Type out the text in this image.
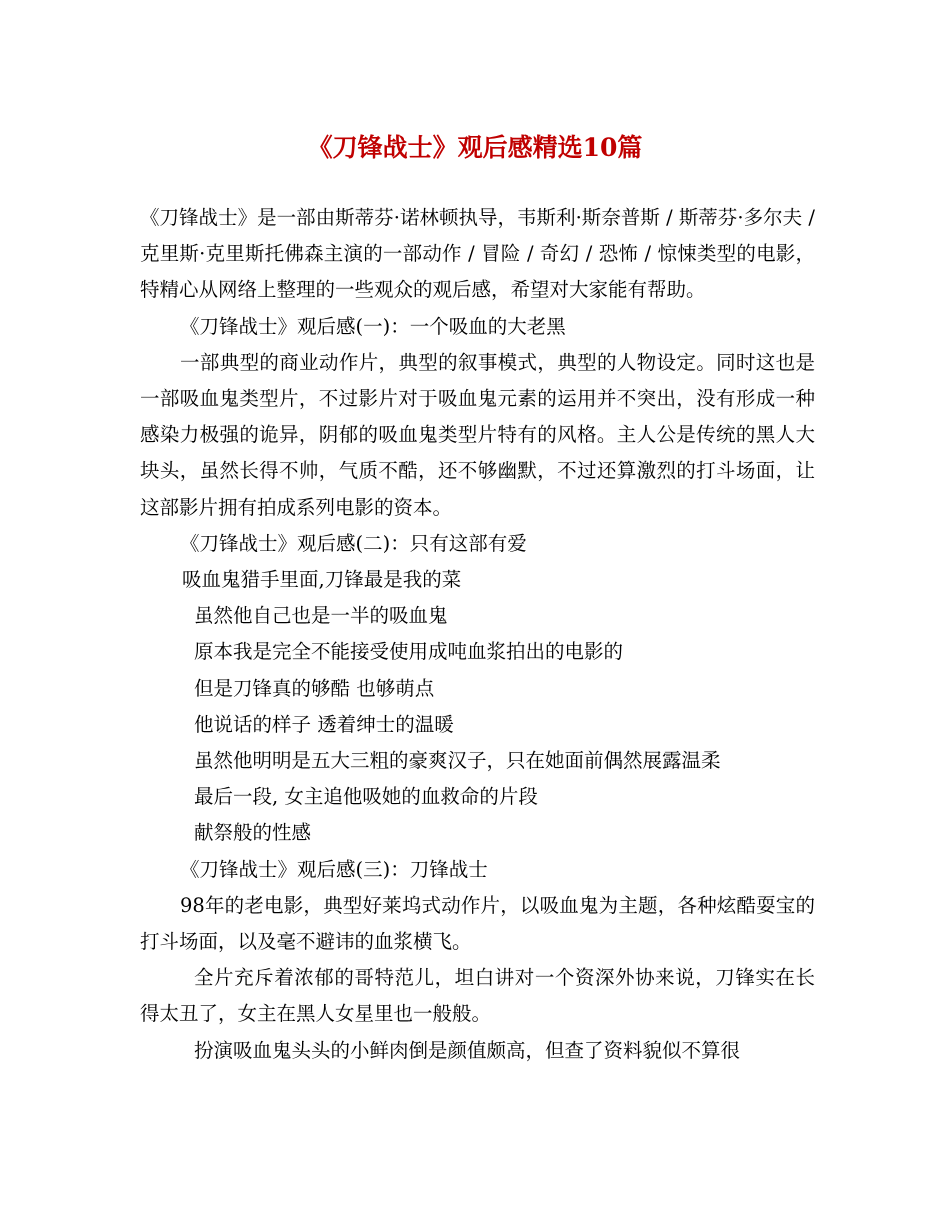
《刀锋战士》观后感精选10篇

《刀锋战士》是一部由斯蒂芬·诺林顿执导，韦斯利·斯奈普斯 / 斯蒂芬·多尔夫 / 克里斯·克里斯托佛森主演的一部动作 / 冒险 / 奇幻 / 恐怖 / 惊悚类型的电影，特精心从网络上整理的一些观众的观后感，希望对大家能有帮助。

《刀锋战士》观后感(一)：一个吸血的大老黑

一部典型的商业动作片，典型的叙事模式，典型的人物设定。同时这也是一部吸血鬼类型片，不过影片对于吸血鬼元素的运用并不突出，没有形成一种感染力极强的诡异，阴郁的吸血鬼类型片特有的风格。主人公是传统的黑人大块头，虽然长得不帅，气质不酷，还不够幽默，不过还算激烈的打斗场面，让这部影片拥有拍成系列电影的资本。

《刀锋战士》观后感(二)：只有这部有爱

吸血鬼猎手里面,刀锋最是我的菜

虽然他自己也是一半的吸血鬼

原本我是完全不能接受使用成吨血浆拍出的电影的

但是刀锋真的够酷 也够萌点

他说话的样子 透着绅士的温暖

虽然他明明是五大三粗的豪爽汉子，只在她面前偶然展露温柔

最后一段, 女主追他吸她的血救命的片段

献祭般的性感

《刀锋战士》观后感(三)：刀锋战士

98年的老电影，典型好莱坞式动作片，以吸血鬼为主题，各种炫酷耍宝的打斗场面，以及毫不避讳的血浆横飞。

全片充斥着浓郁的哥特范儿，坦白讲对一个资深外协来说，刀锋实在长得太丑了，女主在黑人女星里也一般般。

扮演吸血鬼头头的小鲜肉倒是颜值颇高，但查了资料貌似不算很
